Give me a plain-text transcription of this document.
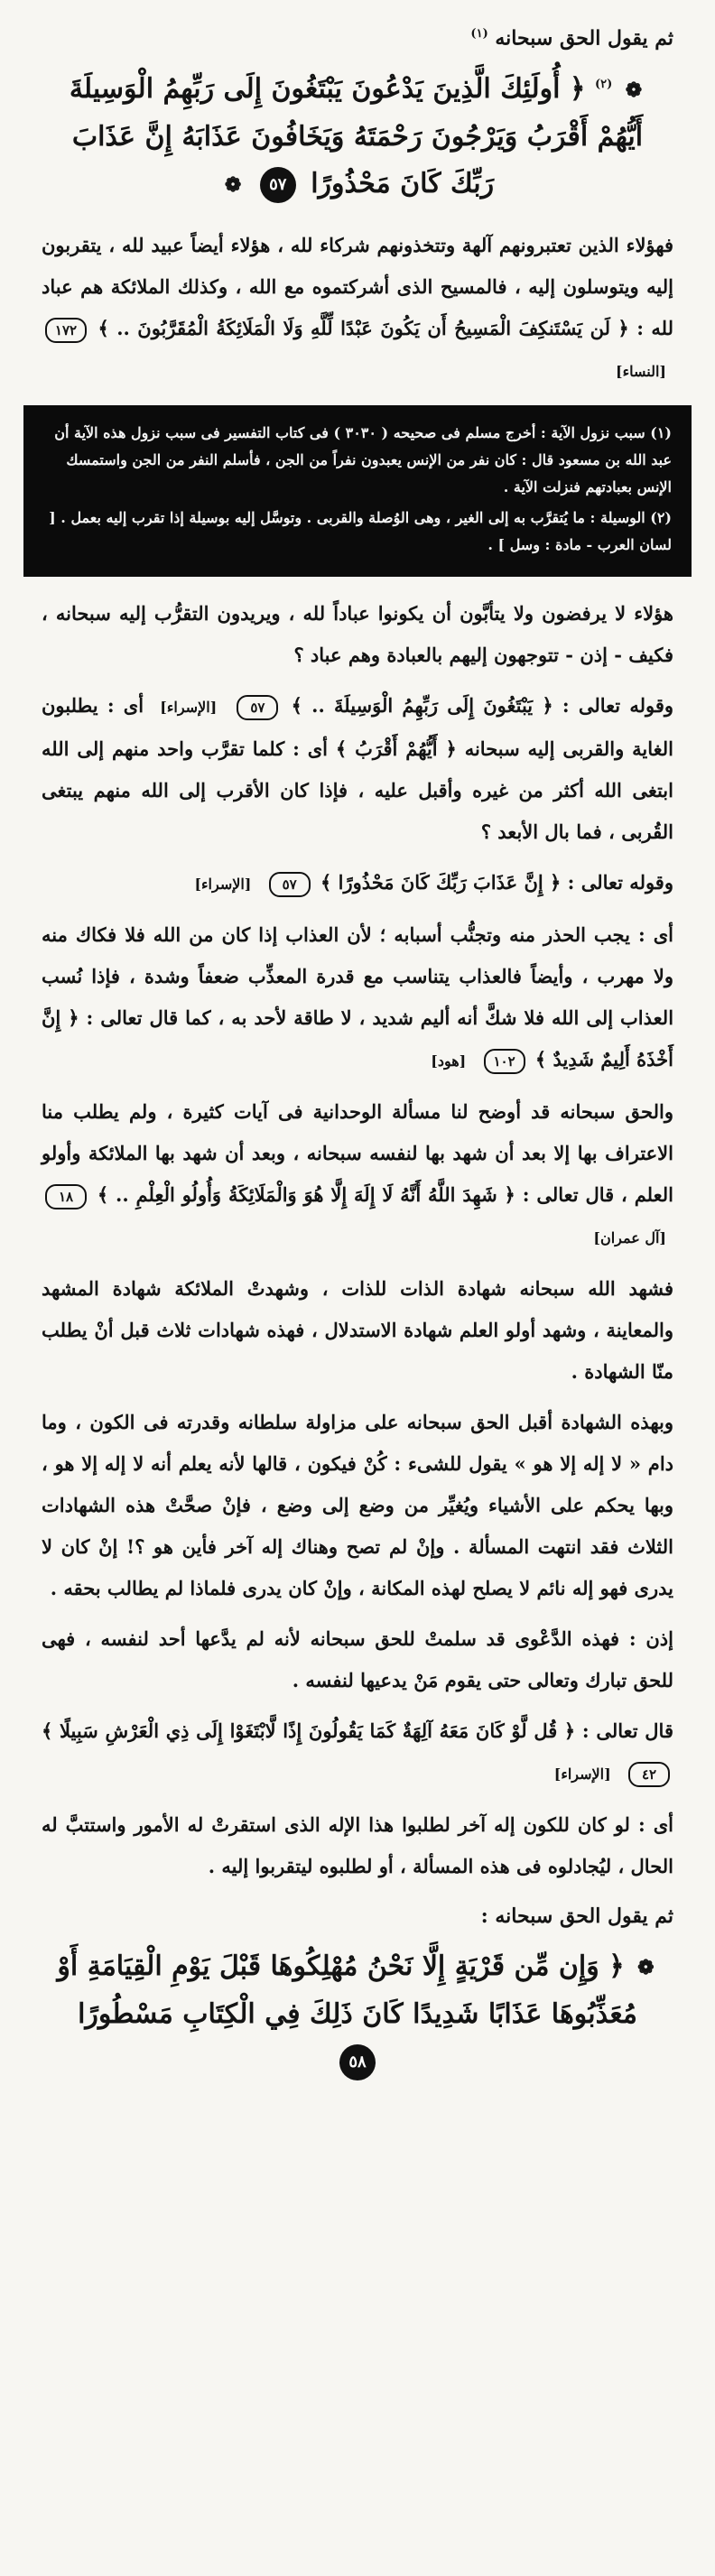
ثم يقول الحق سبحانه $^{(١)}$

❁ $^{(٢)}$ ﴿ أُولَئِكَ الَّذِينَ يَدْعُونَ يَبْتَغُونَ إِلَى رَبِّهِمُ الْوَسِيلَةَ أَيُّهُمْ أَقْرَبُ وَيَرْجُونَ رَحْمَتَهُ وَيَخَافُونَ عَذَابَهُ إِنَّ عَذَابَ رَبِّكَ كَانَ مَحْذُورًا ٥٧ ❁

فهؤلاء الذين تعتبرونهم آلهة وتتخذونهم شركاء لله ، هؤلاء أيضاً عبيد لله ، يتقربون إليه ويتوسلون إليه ، فالمسيح الذى أشركتموه مع الله ، وكذلك الملائكة هم عباد لله : ﴿ لَن يَسْتَنكِفَ الْمَسِيحُ أَن يَكُونَ عَبْدًا لِّلَّهِ وَلَا الْمَلَائِكَةُ الْمُقَرَّبُونَ .. ﴾ ١٧٢ [النساء]

(١) سبب نزول الآية : أخرج مسلم فى صحيحه ( ٣٠٣٠ ) فى كتاب التفسير فى سبب نزول هذه الآية أن عبد الله بن مسعود قال : كان نفر من الإنس يعبدون نفراً من الجن ، فأسلم النفر من الجن واستمسك الإنس بعبادتهم فنزلت الآية .

(٢) الوسيلة : ما يُتقرَّب به إلى الغير ، وهى الوُصلة والقربى . وتوسَّل إليه بوسيلة إذا تقرب إليه بعمل . [ لسان العرب - مادة : وسل ] .

هؤلاء لا يرفضون ولا يتأبَّون أن يكونوا عباداً لله ، ويريدون التقرُّب إليه سبحانه ، فكيف - إذن - تتوجهون إليهم بالعبادة وهم عباد ؟

وقوله تعالى : ﴿ يَبْتَغُونَ إِلَى رَبِّهِمُ الْوَسِيلَةَ .. ﴾ ٥٧ [الإسراء] أى : يطلبون الغاية والقربى إليه سبحانه ﴿ أَيُّهُمْ أَقْرَبُ ﴾ أى : كلما تقرَّب واحد منهم إلى الله ابتغى الله أكثر من غيره وأقبل عليه ، فإذا كان الأقرب إلى الله منهم يبتغى القُربى ، فما بال الأبعد ؟

وقوله تعالى : ﴿ إِنَّ عَذَابَ رَبِّكَ كَانَ مَحْذُورًا ﴾ ٥٧ [الإسراء]

أى : يجب الحذر منه وتجنُّب أسبابه ؛ لأن العذاب إذا كان من الله فلا فكاك منه ولا مهرب ، وأيضاً فالعذاب يتناسب مع قدرة المعذِّب ضعفاً وشدة ، فإذا نُسب العذاب إلى الله فلا شكَّ أنه أليم شديد ، لا طاقة لأحد به ، كما قال تعالى : ﴿ إِنَّ أَخْذَهُ أَلِيمٌ شَدِيدٌ ﴾ ١٠٢ [هود]

والحق سبحانه قد أوضح لنا مسألة الوحدانية فى آيات كثيرة ، ولم يطلب منا الاعتراف بها إلا بعد أن شهد بها لنفسه سبحانه ، وبعد أن شهد بها الملائكة وأولو العلم ، قال تعالى : ﴿ شَهِدَ اللَّهُ أَنَّهُ لَا إِلَهَ إِلَّا هُوَ وَالْمَلَائِكَةُ وَأُولُو الْعِلْمِ .. ﴾ ١٨ [آل عمران]

فشهد الله سبحانه شهادة الذات للذات ، وشهدتْ الملائكة شهادة المشهد والمعاينة ، وشهد أولو العلم شهادة الاستدلال ، فهذه شهادات ثلاث قبل أنْ يطلب منّا الشهادة .

وبهذه الشهادة أقبل الحق سبحانه على مزاولة سلطانه وقدرته فى الكون ، وما دام « لا إله إلا هو » يقول للشىء : كُنْ فيكون ، قالها لأنه يعلم أنه لا إله إلا هو ، وبها يحكم على الأشياء ويُغيِّر من وضع إلى وضع ، فإنْ صحَّتْ هذه الشهادات الثلاث فقد انتهت المسألة . وإنْ لم تصح وهناك إله آخر فأين هو ؟! إنْ كان لا يدرى فهو إله نائم لا يصلح لهذه المكانة ، وإنْ كان يدرى فلماذا لم يطالب بحقه .

إذن : فهذه الدَّعْوى قد سلمتْ للحق سبحانه لأنه لم يدَّعها أحد لنفسه ، فهى للحق تبارك وتعالى حتى يقوم مَنْ يدعيها لنفسه .

قال تعالى : ﴿ قُل لَّوْ كَانَ مَعَهُ آلِهَةٌ كَمَا يَقُولُونَ إِذًا لَّابْتَغَوْا إِلَى ذِي الْعَرْشِ سَبِيلًا ﴾ ٤٢ [الإسراء]

أى : لو كان للكون إله آخر لطلبوا هذا الإله الذى استقرتْ له الأمور واستتبَّ له الحال ، ليُجادلوه فى هذه المسألة ، أو لطلبوه ليتقربوا إليه .

ثم يقول الحق سبحانه :

❁ ﴿ وَإِن مِّن قَرْيَةٍ إِلَّا نَحْنُ مُهْلِكُوهَا قَبْلَ يَوْمِ الْقِيَامَةِ أَوْ مُعَذِّبُوهَا عَذَابًا شَدِيدًا كَانَ ذَلِكَ فِي الْكِتَابِ مَسْطُورًا ٥٨
